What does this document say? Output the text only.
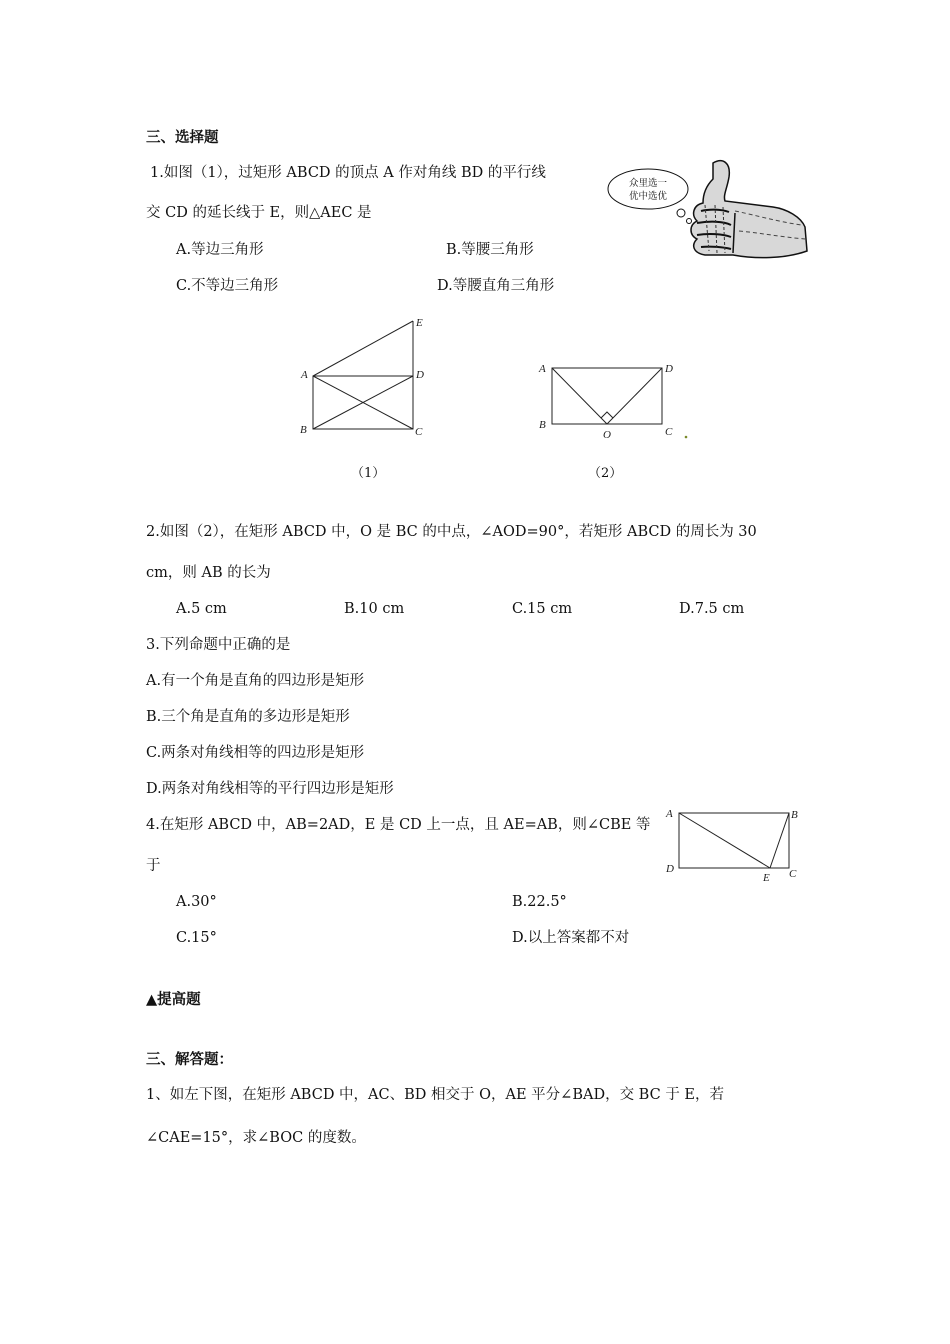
三、选择题
1.如图（1），过矩形 ABCD 的顶点 A 作对角线 BD 的平行线
交 CD 的延长线于 E，则△AEC 是
A.等边三角形	B.等腰三角形
C.不等边三角形	D.等腰直角三角形
众里选一
优中选优
E
A	D
B	C
（1）
A	D
B
O	C
（2）
2.如图（2），在矩形 ABCD 中，O 是 BC 的中点，∠AOD=90°，若矩形 ABCD 的周长为 30
cm，则 AB 的长为
A.5 cm	B.10 cm	C.15 cm	D.7.5 cm
3.下列命题中正确的是
A.有一个角是直角的四边形是矩形
B.三个角是直角的多边形是矩形
C.两条对角线相等的四边形是矩形
D.两条对角线相等的平行四边形是矩形
4.在矩形 ABCD 中，AB=2AD，E 是 CD 上一点，且 AE=AB，则∠CBE 等
于
A.30°	B.22.5°
C.15°	D.以上答案都不对
A	B
D
E C
▲提高题
三、解答题：
1、如左下图，在矩形 ABCD 中，AC、BD 相交于 O，AE 平分∠BAD，交 BC 于 E，若
∠CAE=15°，求∠BOC 的度数。
